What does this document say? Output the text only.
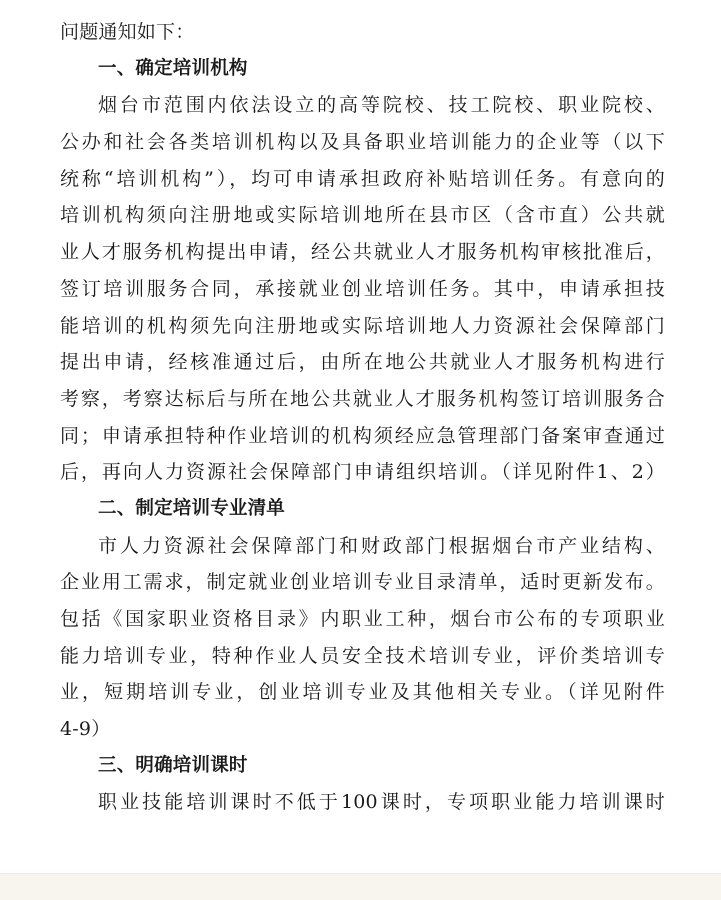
问题通知如下：
一、确定培训机构
烟台市范围内依法设立的高等院校、技工院校、职业院校、
公办和社会各类培训机构以及具备职业培训能力的企业等（以下
统称“培训机构”），均可申请承担政府补贴培训任务。有意向的
培训机构须向注册地或实际培训地所在县市区（含市直）公共就
业人才服务机构提出申请，经公共就业人才服务机构审核批准后，
签订培训服务合同，承接就业创业培训任务。其中，申请承担技
能培训的机构须先向注册地或实际培训地人力资源社会保障部门
提出申请，经核准通过后，由所在地公共就业人才服务机构进行
考察，考察达标后与所在地公共就业人才服务机构签订培训服务合
同；申请承担特种作业培训的机构须经应急管理部门备案审查通过
后，再向人力资源社会保障部门申请组织培训。（详见附件1、2）
二、制定培训专业清单
市人力资源社会保障部门和财政部门根据烟台市产业结构、
企业用工需求，制定就业创业培训专业目录清单，适时更新发布。
包括《国家职业资格目录》内职业工种，烟台市公布的专项职业
能力培训专业，特种作业人员安全技术培训专业，评价类培训专
业，短期培训专业，创业培训专业及其他相关专业。（详见附件
4-9）
三、明确培训课时
职业技能培训课时不低于100课时，专项职业能力培训课时
